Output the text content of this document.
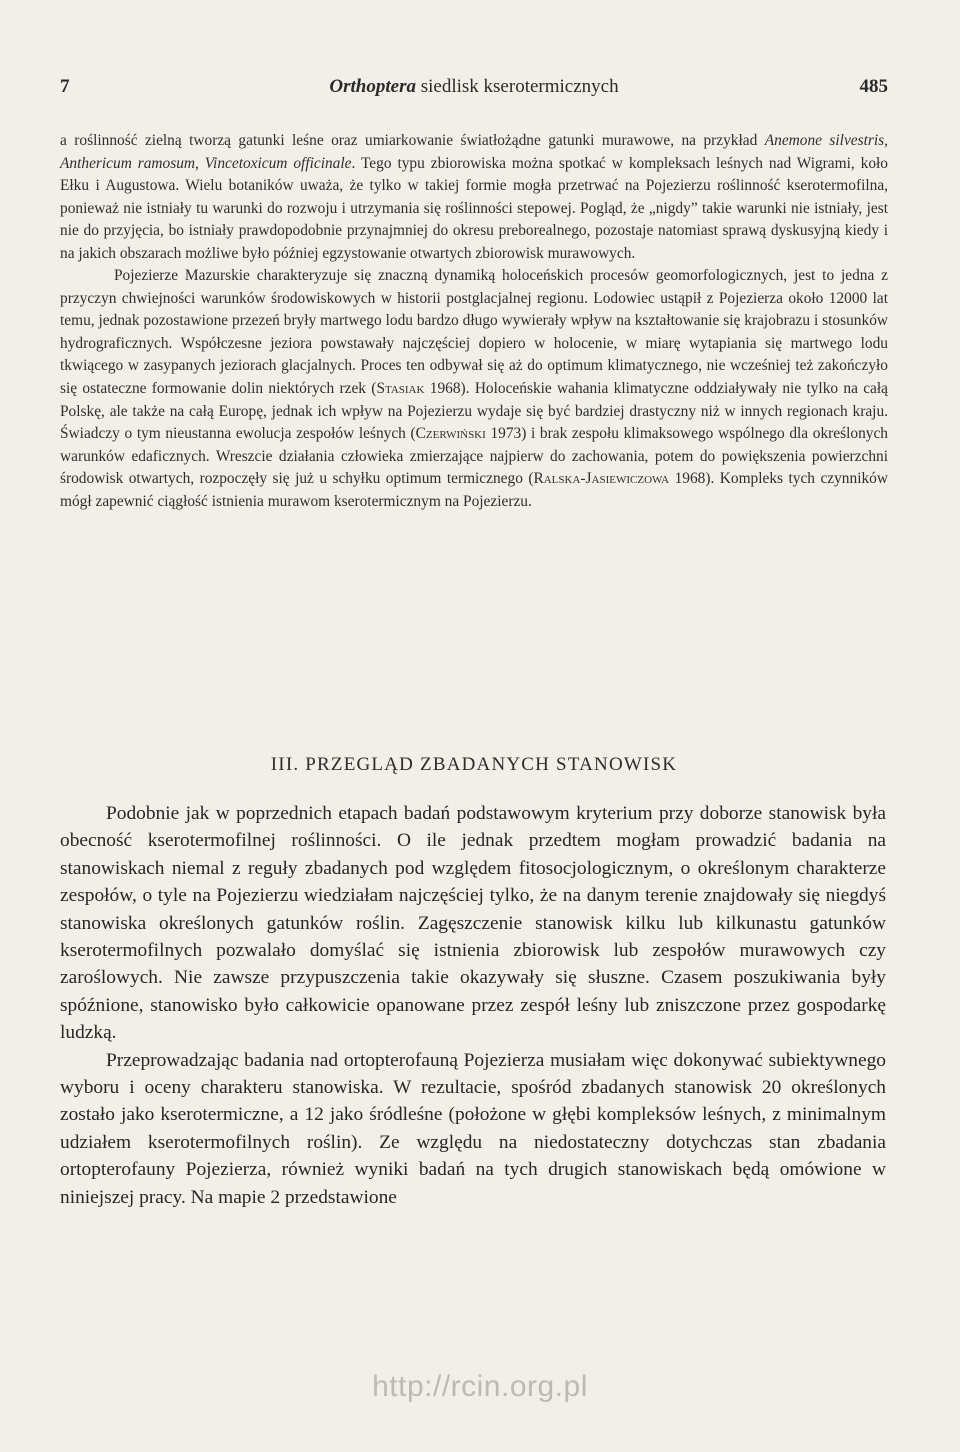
7	Orthoptera siedlisk kserotermicznych	485

a roślinność zielną tworzą gatunki leśne oraz umiarkowanie światłożądne gatunki murawowe, na przykład Anemone silvestris, Anthericum ramosum, Vincetoxicum officinale. Tego typu zbiorowiska można spotkać w kompleksach leśnych nad Wigrami, koło Ełku i Augustowa. Wielu botaników uważa, że tylko w takiej formie mogła przetrwać na Pojezierzu roślinność kserotermofilna, ponieważ nie istniały tu warunki do rozwoju i utrzymania się roślinności stepowej. Pogląd, że „nigdy” takie warunki nie istniały, jest nie do przyjęcia, bo istniały prawdopodobnie przynajmniej do okresu preborealnego, pozostaje natomiast sprawą dyskusyjną kiedy i na jakich obszarach możliwe było później egzystowanie otwartych zbiorowisk murawowych.

Pojezierze Mazurskie charakteryzuje się znaczną dynamiką holoceńskich procesów geomorfologicznych, jest to jedna z przyczyn chwiejności warunków środowiskowych w historii postglacjalnej regionu. Lodowiec ustąpił z Pojezierza około 12000 lat temu, jednak pozostawione przezeń bryły martwego lodu bardzo długo wywierały wpływ na kształtowanie się krajobrazu i stosunków hydrograficznych. Współczesne jeziora powstawały najczęściej dopiero w holocenie, w miarę wytapiania się martwego lodu tkwiącego w zasypanych jeziorach glacjalnych. Proces ten odbywał się aż do optimum klimatycznego, nie wcześniej też zakończyło się ostateczne formowanie dolin niektórych rzek (Stasiak 1968). Holoceńskie wahania klimatyczne oddziaływały nie tylko na całą Polskę, ale także na całą Europę, jednak ich wpływ na Pojezierzu wydaje się być bardziej drastyczny niż w innych regionach kraju. Świadczy o tym nieustanna ewolucja zespołów leśnych (Czerwiński 1973) i brak zespołu klimaksowego wspólnego dla określonych warunków edaficznych. Wreszcie działania człowieka zmierzające najpierw do zachowania, potem do powiększenia powierzchni środowisk otwartych, rozpoczęły się już u schyłku optimum termicznego (Ralska-Jasiewiczowa 1968). Kompleks tych czynników mógł zapewnić ciągłość istnienia murawom kserotermicznym na Pojezierzu.

III. PRZEGLĄD ZBADANYCH STANOWISK

Podobnie jak w poprzednich etapach badań podstawowym kryterium przy doborze stanowisk była obecność kserotermofilnej roślinności. O ile jednak przedtem mogłam prowadzić badania na stanowiskach niemal z reguły zbadanych pod względem fitosocjologicznym, o określonym charakterze zespołów, o tyle na Pojezierzu wiedziałam najczęściej tylko, że na danym terenie znajdowały się niegdyś stanowiska określonych gatunków roślin. Zagęszczenie stanowisk kilku lub kilkunastu gatunków kserotermofilnych pozwalało domyślać się istnienia zbiorowisk lub zespołów murawowych czy zaroślowych. Nie zawsze przypuszczenia takie okazywały się słuszne. Czasem poszukiwania były spóźnione, stanowisko było całkowicie opanowane przez zespół leśny lub zniszczone przez gospodarkę ludzką.

Przeprowadzając badania nad ortopterofauną Pojezierza musiałam więc dokonywać subiektywnego wyboru i oceny charakteru stanowiska. W rezultacie, spośród zbadanych stanowisk 20 określonych zostało jako kserotermiczne, a 12 jako śródleśne (położone w głębi kompleksów leśnych, z minimalnym udziałem kserotermofilnych roślin). Ze względu na niedostateczny dotychczas stan zbadania ortopterofauny Pojezierza, również wyniki badań na tych drugich stanowiskach będą omówione w niniejszej pracy. Na mapie 2 przedstawione

http://rcin.org.pl
